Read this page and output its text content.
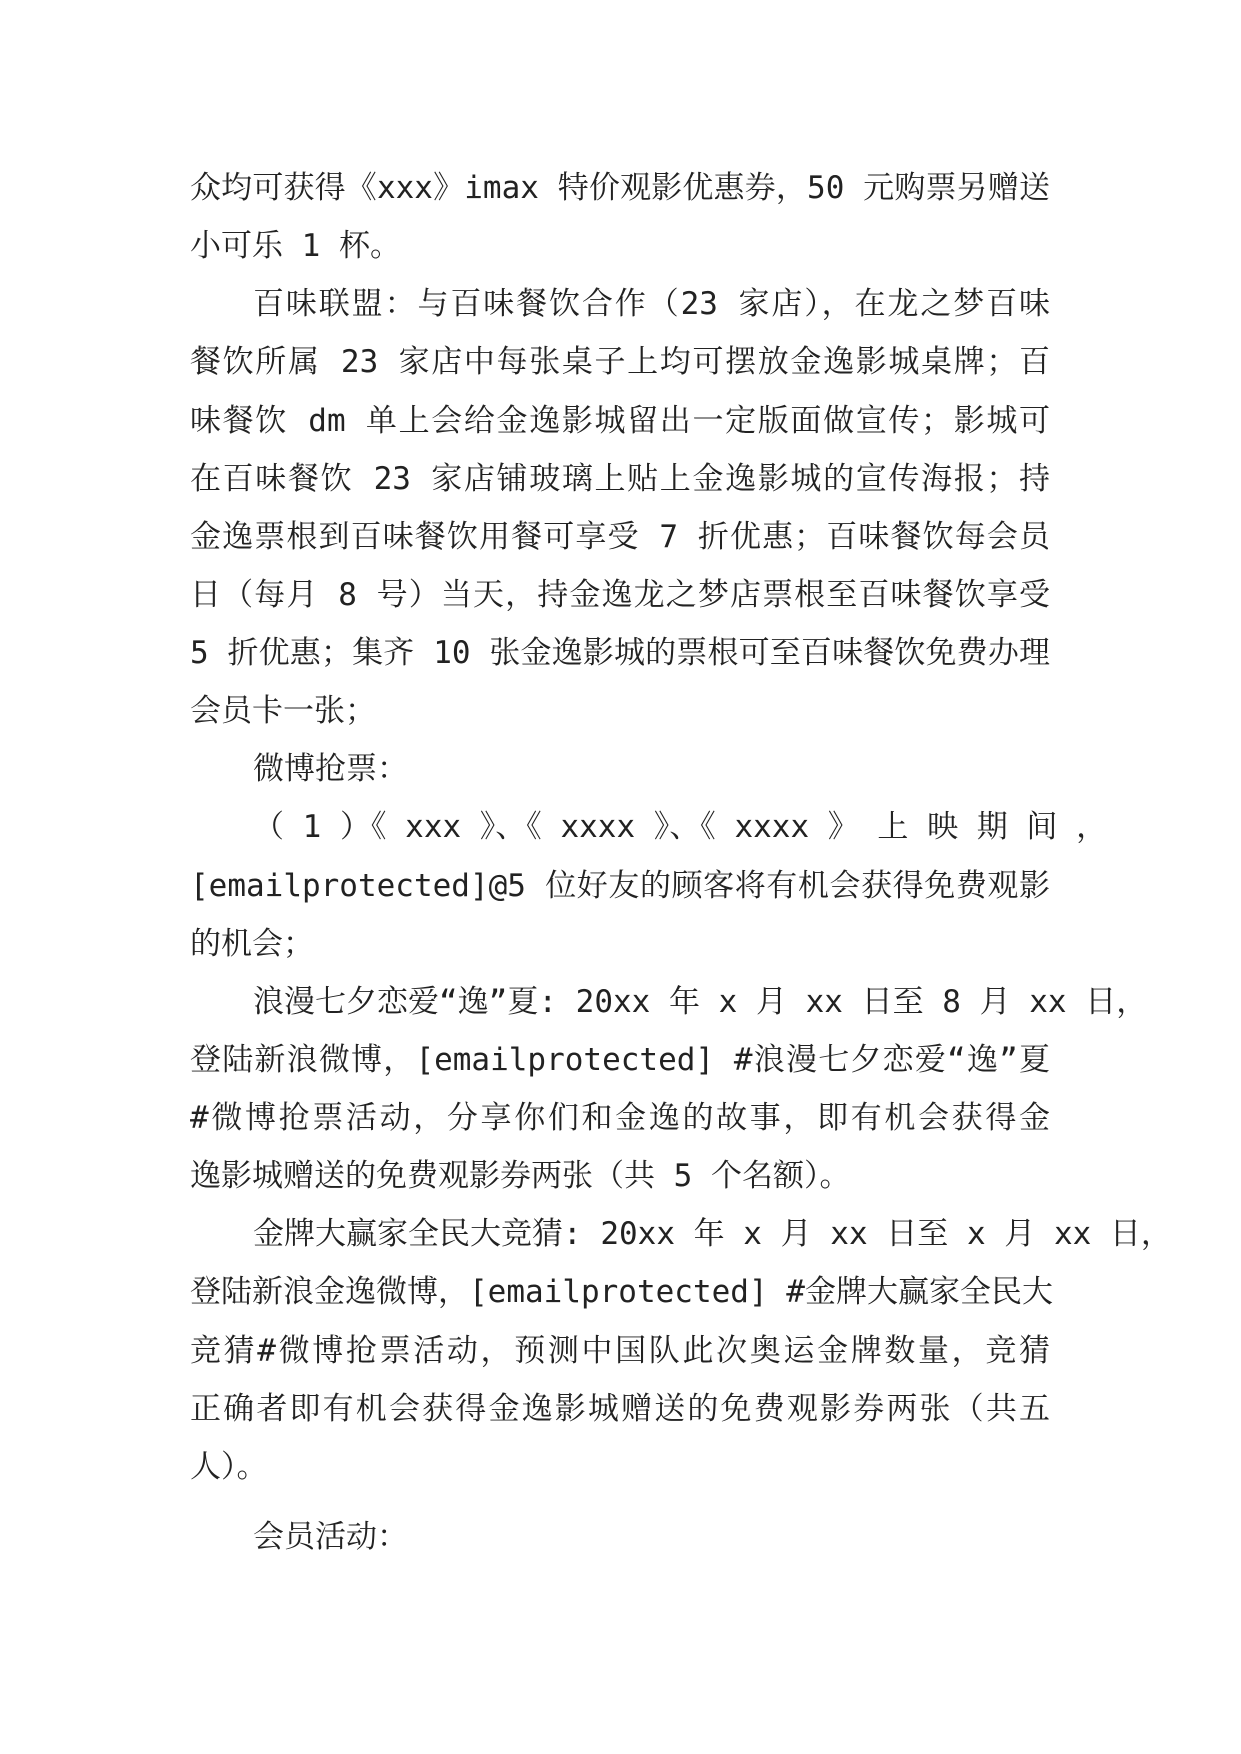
众均可获得《xxx》imax 特价观影优惠券，50 元购票另赠送
小可乐 1 杯。
百味联盟：与百味餐饮合作（23 家店），在龙之梦百味
餐饮所属 23 家店中每张桌子上均可摆放金逸影城桌牌；百
味餐饮 dm 单上会给金逸影城留出一定版面做宣传；影城可
在百味餐饮 23 家店铺玻璃上贴上金逸影城的宣传海报；持
金逸票根到百味餐饮用餐可享受 7 折优惠；百味餐饮每会员
日（每月 8 号）当天，持金逸龙之梦店票根至百味餐饮享受
5 折优惠；集齐 10 张金逸影城的票根可至百味餐饮免费办理
会员卡一张；
微博抢票：
（ 1 ）《 xxx 》、《 xxxx 》、《 xxxx 》 上 映 期 间 ，
[emailprotected]@5 位好友的顾客将有机会获得免费观影
的机会；
浪漫七夕恋爱“逸”夏: 20xx 年 x 月 xx 日至 8 月 xx 日，
登陆新浪微博，[emailprotected] #浪漫七夕恋爱“逸”夏
#微博抢票活动，分享你们和金逸的故事，即有机会获得金
逸影城赠送的免费观影券两张（共 5 个名额）。
金牌大赢家全民大竞猜: 20xx 年 x 月 xx 日至 x 月 xx 日，
登陆新浪金逸微博，[emailprotected] #金牌大赢家全民大
竞猜#微博抢票活动，预测中国队此次奥运金牌数量，竞猜
正确者即有机会获得金逸影城赠送的免费观影券两张（共五
人）。
会员活动：
